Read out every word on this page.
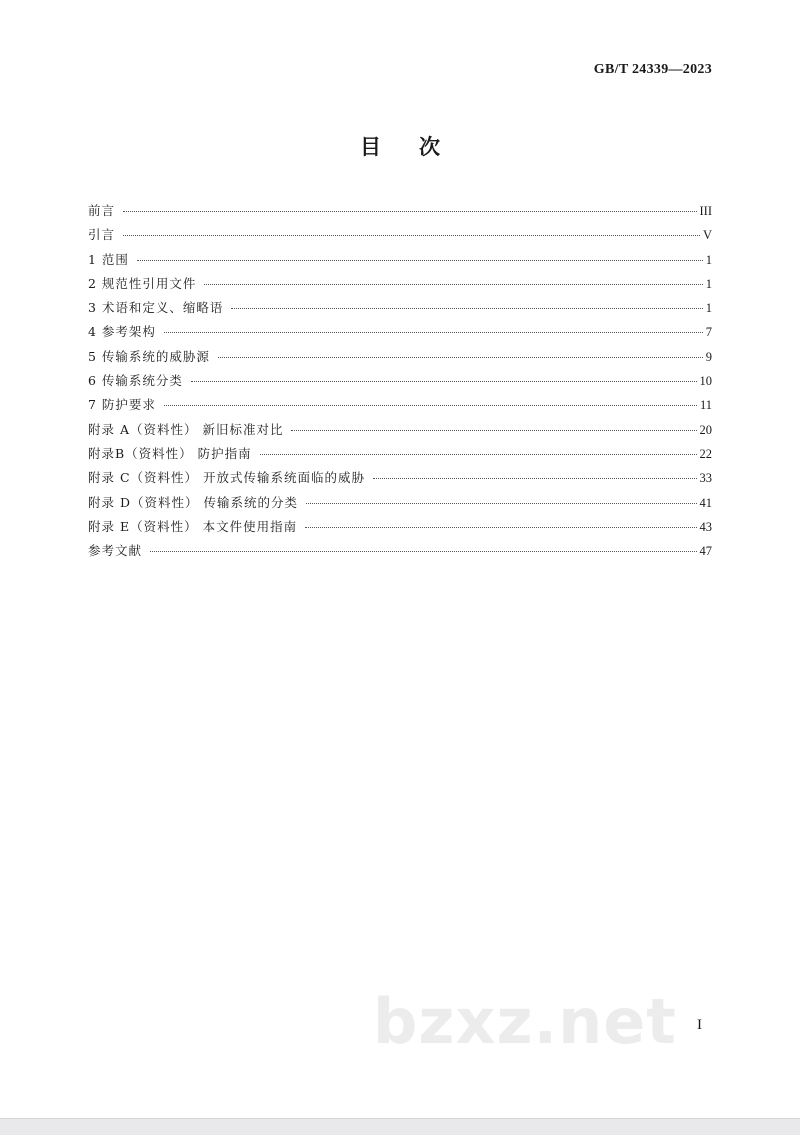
GB/T 24339—2023
目次
前言	III
引言	V
1 范围	1
2 规范性引用文件	1
3 术语和定义、缩略语	1
4 参考架构	7
5 传输系统的威胁源	9
6 传输系统分类	10
7 防护要求	11
附录 A（资料性） 新旧标准对比	20
附录B（资料性） 防护指南	22
附录 C（资料性） 开放式传输系统面临的威胁	33
附录 D（资料性） 传输系统的分类	41
附录 E（资料性） 本文件使用指南	43
参考文献	47
bzxz.net I
